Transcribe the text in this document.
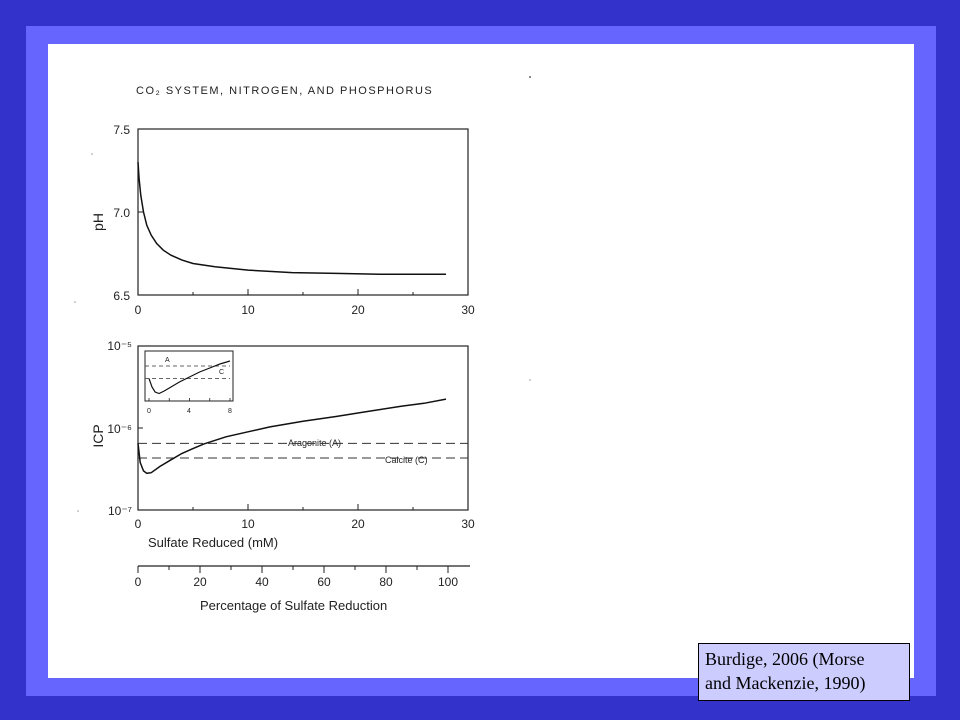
CO₂ SYSTEM, NITROGEN, AND PHOSPHORUS
pH
7.5
7.0
6.5
0	10	20	30
ICP
10⁻⁵
10⁻⁶
10⁻⁷
0	10	20	30
Sulfate Reduced (mM)
Aragonite (A)
Calcite (C)
A
C
0	4	8
0	20	40	60	80	100
Percentage of Sulfate Reduction
Burdige, 2006 (Morse
and Mackenzie, 1990)
